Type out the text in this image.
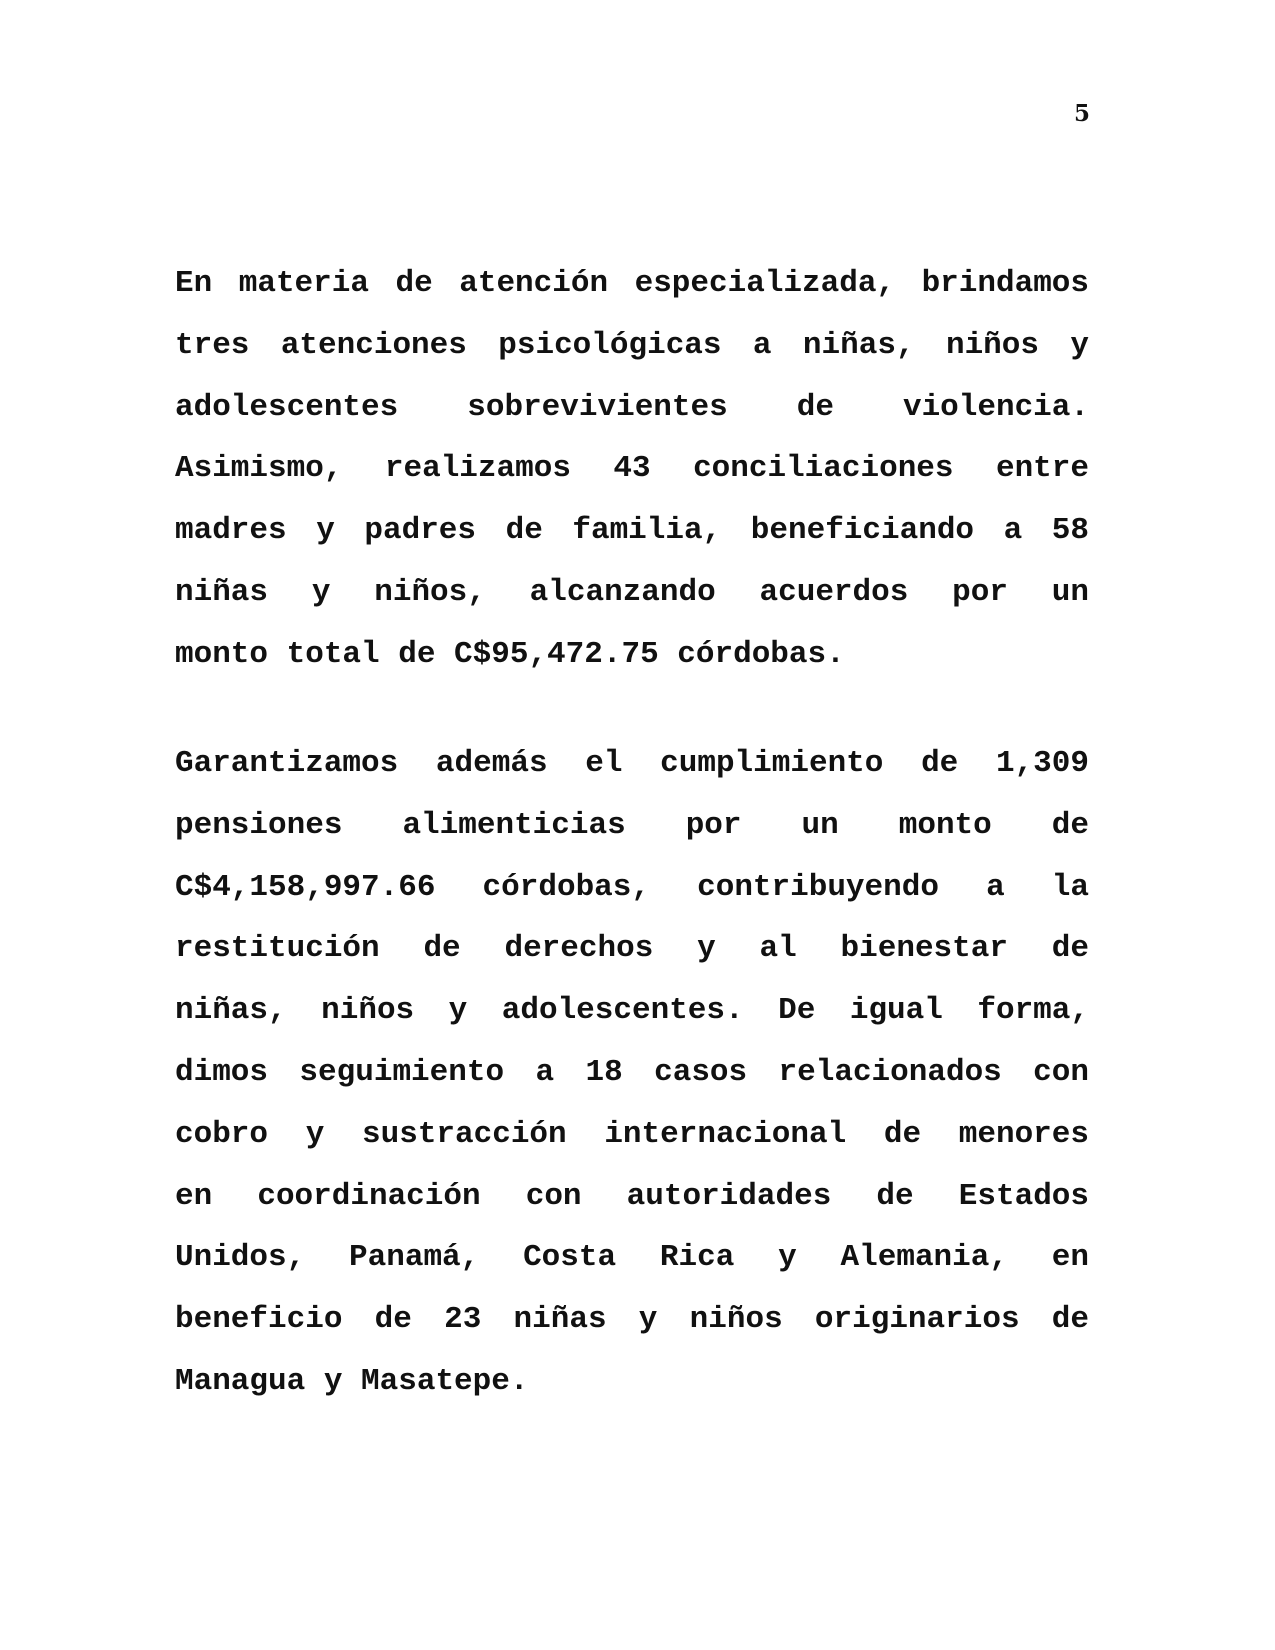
5

En materia de atención especializada, brindamos
tres atenciones psicológicas a niñas, niños y
adolescentes sobrevivientes de violencia.
Asimismo, realizamos 43 conciliaciones entre
madres y padres de familia, beneficiando a 58
niñas y niños, alcanzando acuerdos por un
monto total de C$95,472.75 córdobas.

Garantizamos además el cumplimiento de 1,309
pensiones alimenticias por un monto de
C$4,158,997.66 córdobas, contribuyendo a la
restitución de derechos y al bienestar de
niñas, niños y adolescentes. De igual forma,
dimos seguimiento a 18 casos relacionados con
cobro y sustracción internacional de menores
en coordinación con autoridades de Estados
Unidos, Panamá, Costa Rica y Alemania, en
beneficio de 23 niñas y niños originarios de
Managua y Masatepe.
